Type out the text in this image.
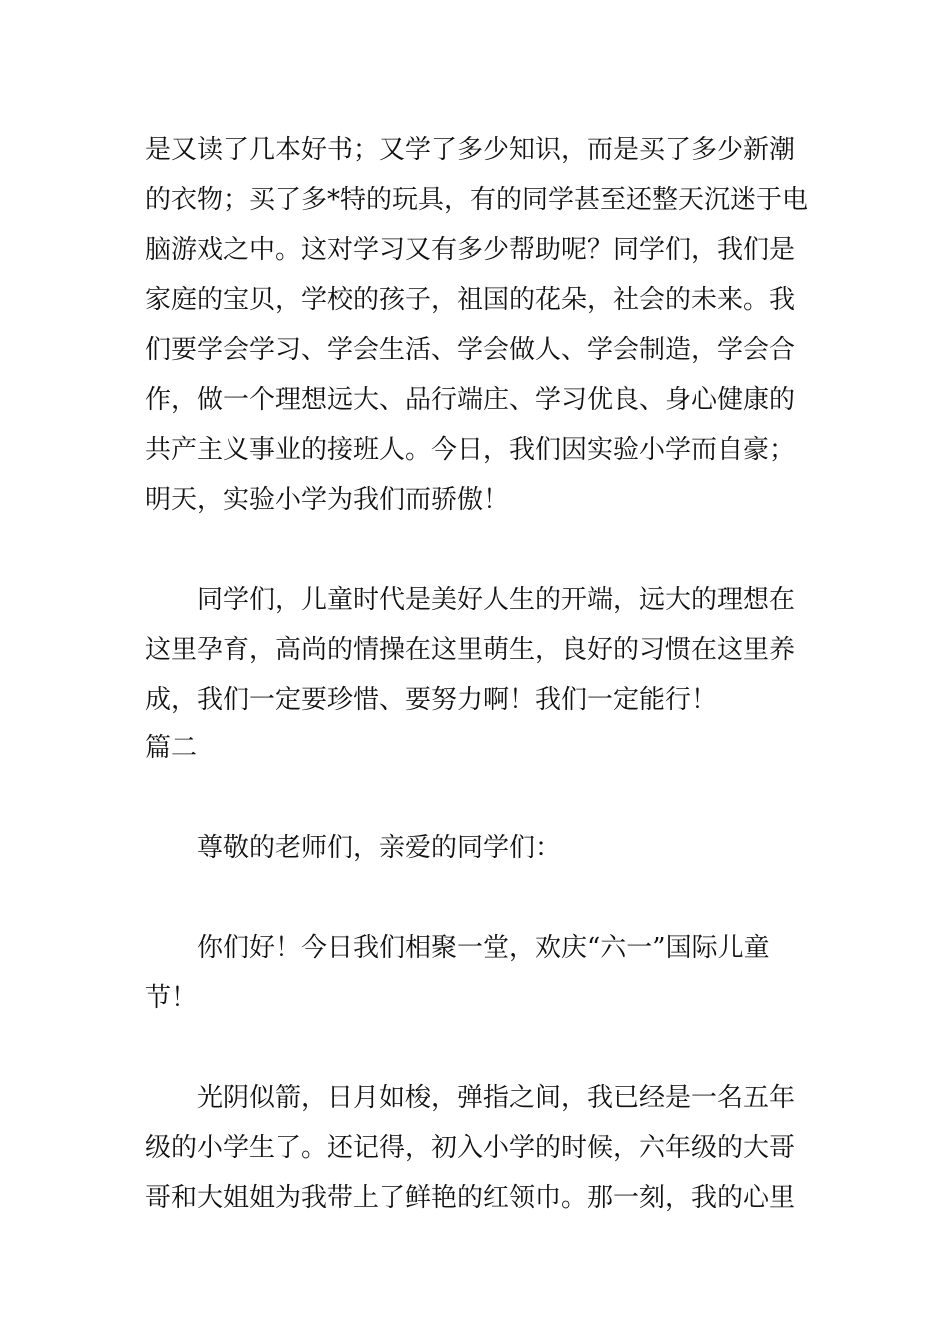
是又读了几本好书；又学了多少知识，而是买了多少新潮
的衣物；买了多*特的玩具，有的同学甚至还整天沉迷于电
脑游戏之中。这对学习又有多少帮助呢？同学们，我们是
家庭的宝贝，学校的孩子，祖国的花朵，社会的未来。我
们要学会学习、学会生活、学会做人、学会制造，学会合
作，做一个理想远大、品行端庄、学习优良、身心健康的
共产主义事业的接班人。今日，我们因实验小学而自豪；
明天，实验小学为我们而骄傲！
同学们，儿童时代是美好人生的开端，远大的理想在
这里孕育，高尚的情操在这里萌生，良好的习惯在这里养
成，我们一定要珍惜、要努力啊！我们一定能行！
篇二
尊敬的老师们，亲爱的同学们：
你们好！今日我们相聚一堂，欢庆“六一”国际儿童
节！
光阴似箭，日月如梭，弹指之间，我已经是一名五年
级的小学生了。还记得，初入小学的时候，六年级的大哥
哥和大姐姐为我带上了鲜艳的红领巾。那一刻，我的心里
